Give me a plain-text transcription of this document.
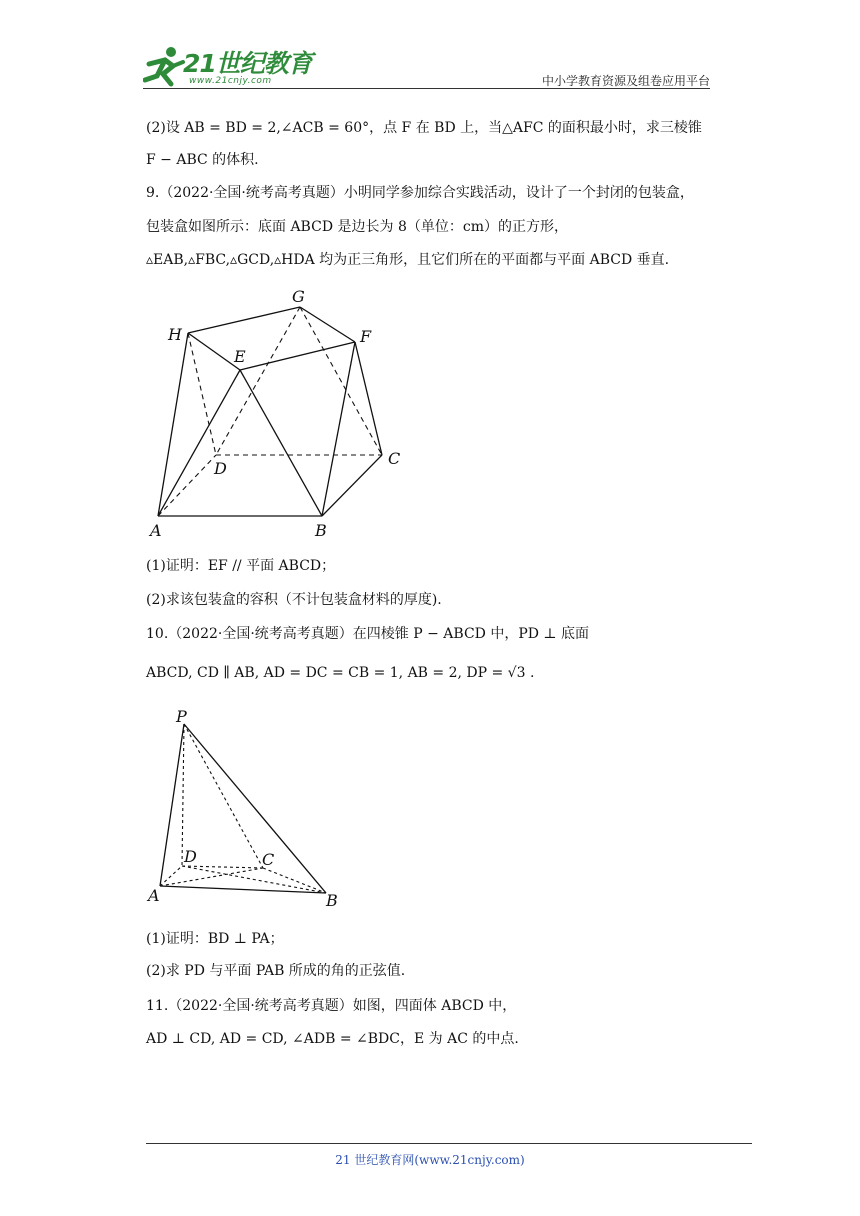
21世纪教育
www.21cnjy.com	中小学教育资源及组卷应用平台
(2)设 AB = BD = 2,∠ACB = 60°，点 F 在 BD 上，当△AFC 的面积最小时，求三棱锥
F − ABC 的体积.
9.（2022·全国·统考高考真题）小明同学参加综合实践活动，设计了一个封闭的包装盒，
包装盒如图所示：底面 ABCD 是边长为 8（单位：cm）的正方形，
▵EAB,▵FBC,▵GCD,▵HDA 均为正三角形，且它们所在的平面都与平面 ABCD 垂直.
G
H
E
F
D
C
A	B
(1)证明：EF // 平面 ABCD；
(2)求该包装盒的容积（不计包装盒材料的厚度).
10.（2022·全国·统考高考真题）在四棱锥 P − ABCD 中，PD ⊥ 底面
ABCD, CD ∥ AB, AD = DC = CB = 1, AB = 2, DP = √3 .
P
D	C
A	B
(1)证明：BD ⊥ PA；
(2)求 PD 与平面 PAB 所成的角的正弦值.
11.（2022·全国·统考高考真题）如图，四面体 ABCD 中，
AD ⊥ CD, AD = CD, ∠ADB = ∠BDC，E 为 AC 的中点.
21 世纪教育网(www.21cnjy.com)
